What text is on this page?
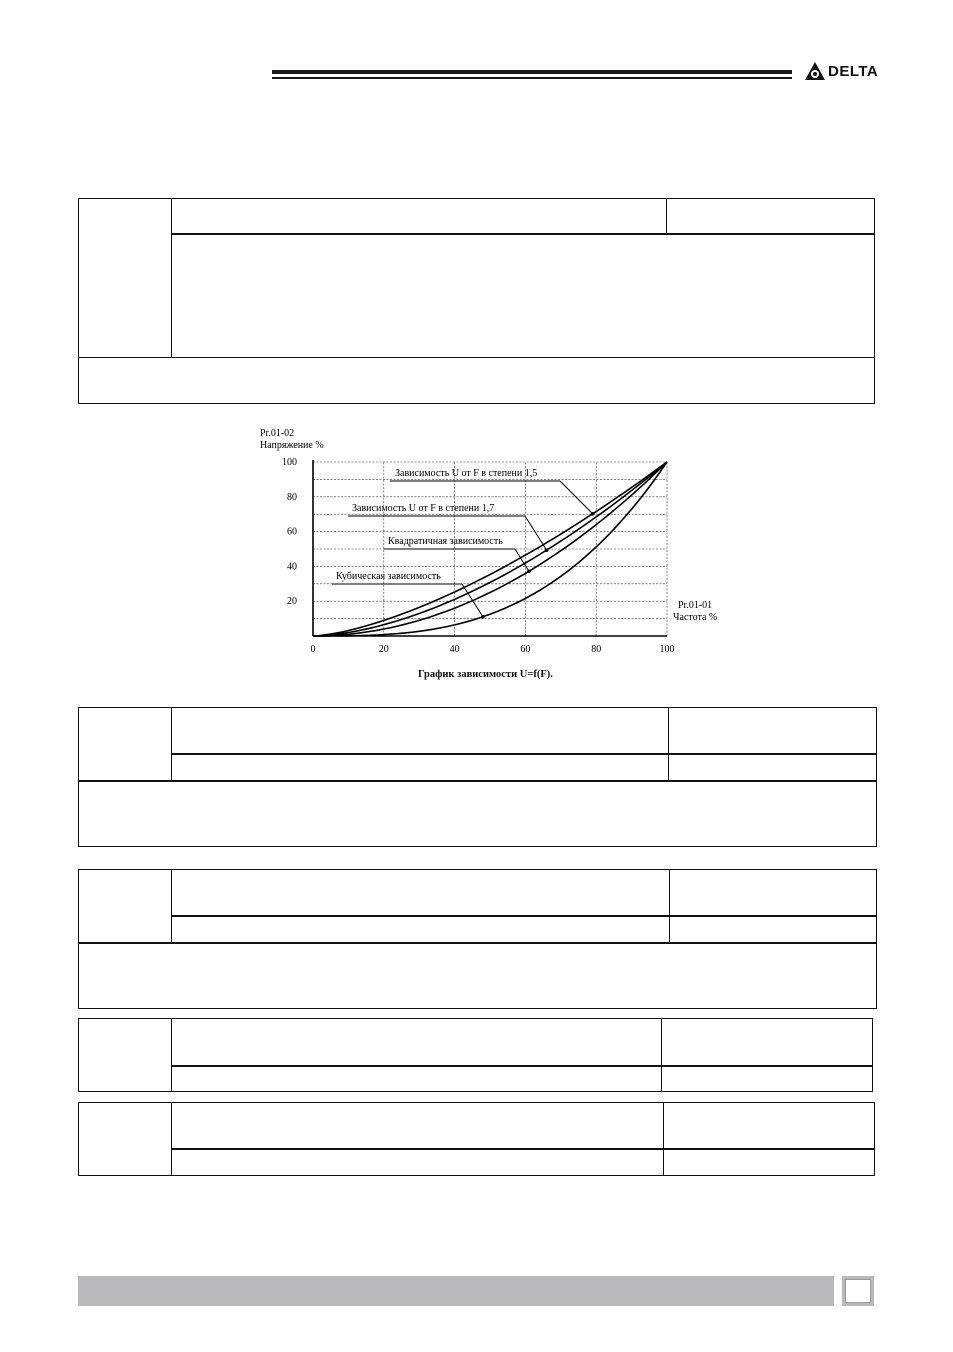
DELTA
Pr.01-02
Напряжение %
Pr.01-01
Частота %
0	20	40	60	80	100
20
40
60
80
100
Зависимость U от F в степени 1,5
Зависимость U от F в степени 1,7
Квадратичная зависимость
Кубическая зависимость
График зависимости U=f(F).
